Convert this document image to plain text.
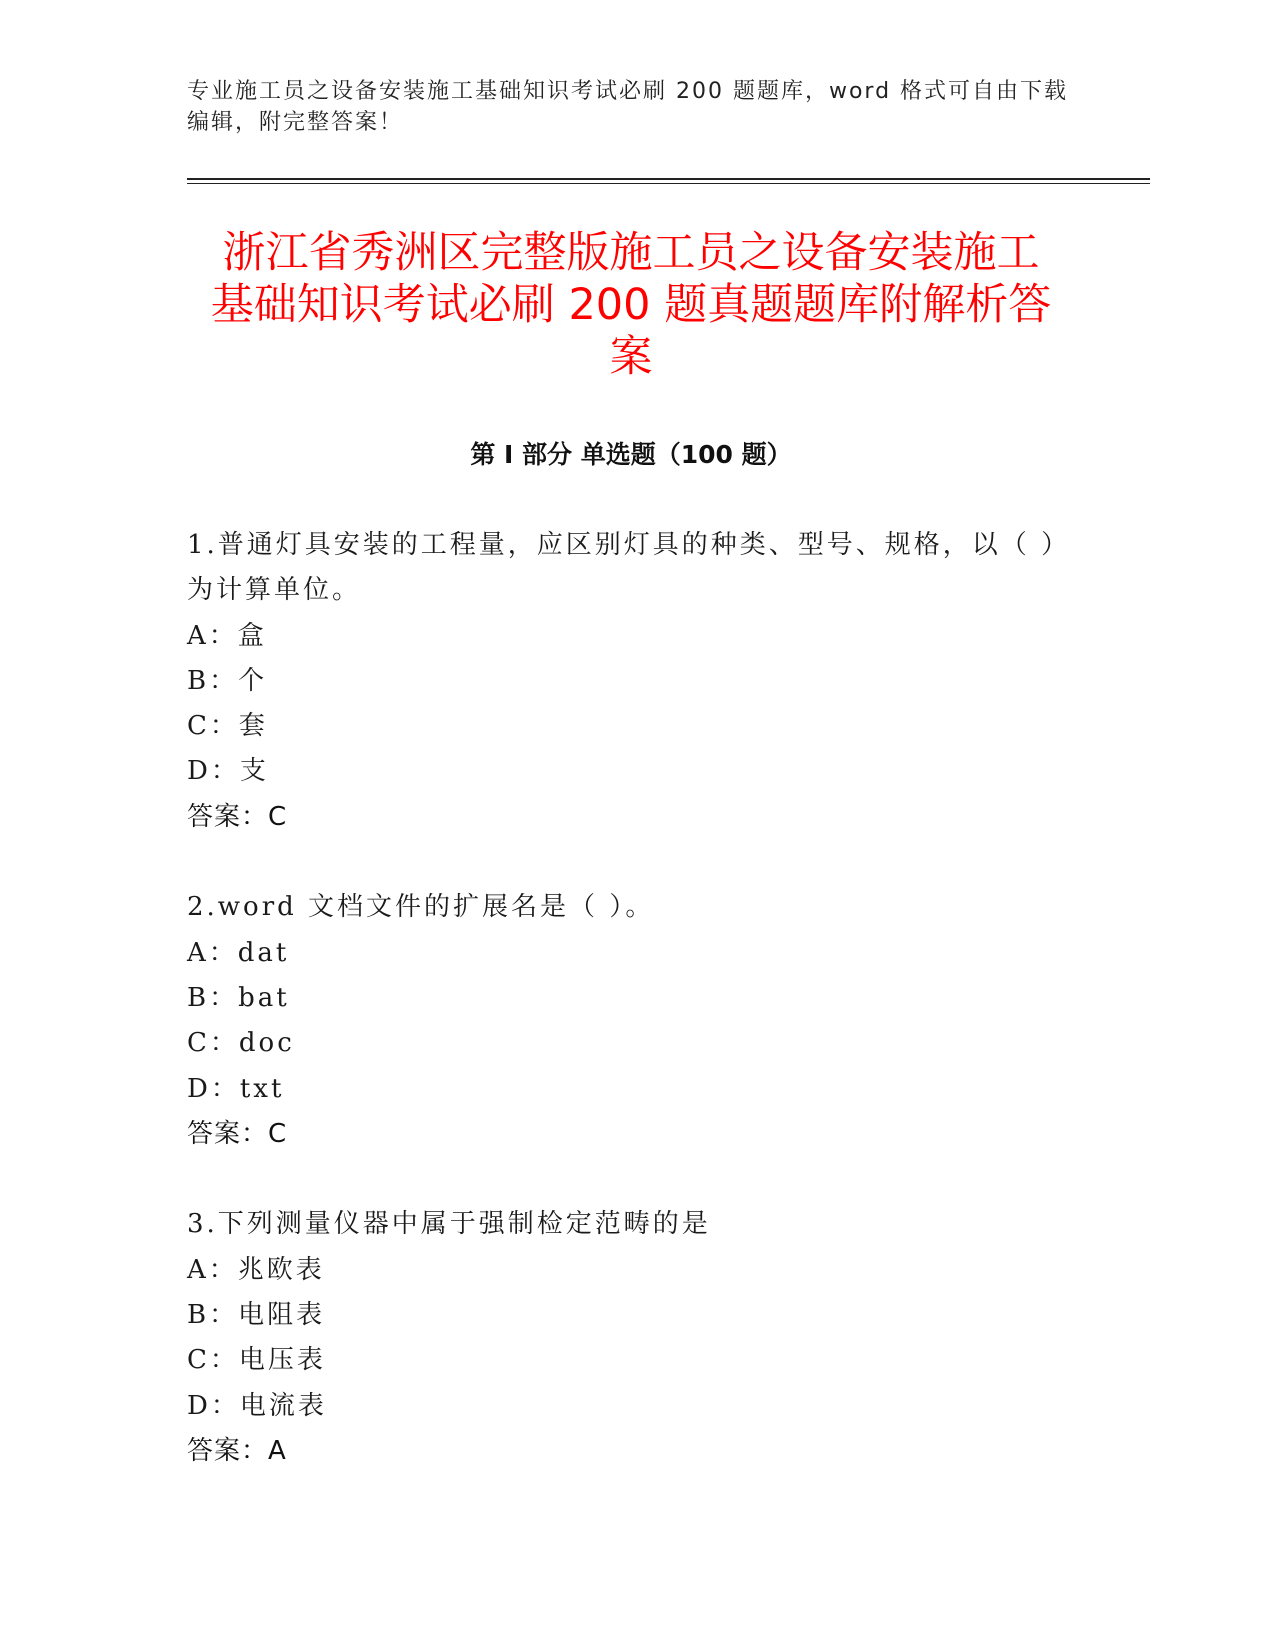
专业施工员之设备安装施工基础知识考试必刷 200 题题库，word 格式可自由下载
编辑，附完整答案！
浙江省秀洲区完整版施工员之设备安装施工
基础知识考试必刷 200 题真题题库附解析答
案
第 I 部分 单选题（100 题）
1.普通灯具安装的工程量，应区别灯具的种类、型号、规格，以（ ）
为计算单位。
A：盒
B：个
C：套
D：支
答案：C
2.word 文档文件的扩展名是（ ）。
A：dat
B：bat
C：doc
D：txt
答案：C
3.下列测量仪器中属于强制检定范畴的是
A：兆欧表
B：电阻表
C：电压表
D：电流表
答案：A
